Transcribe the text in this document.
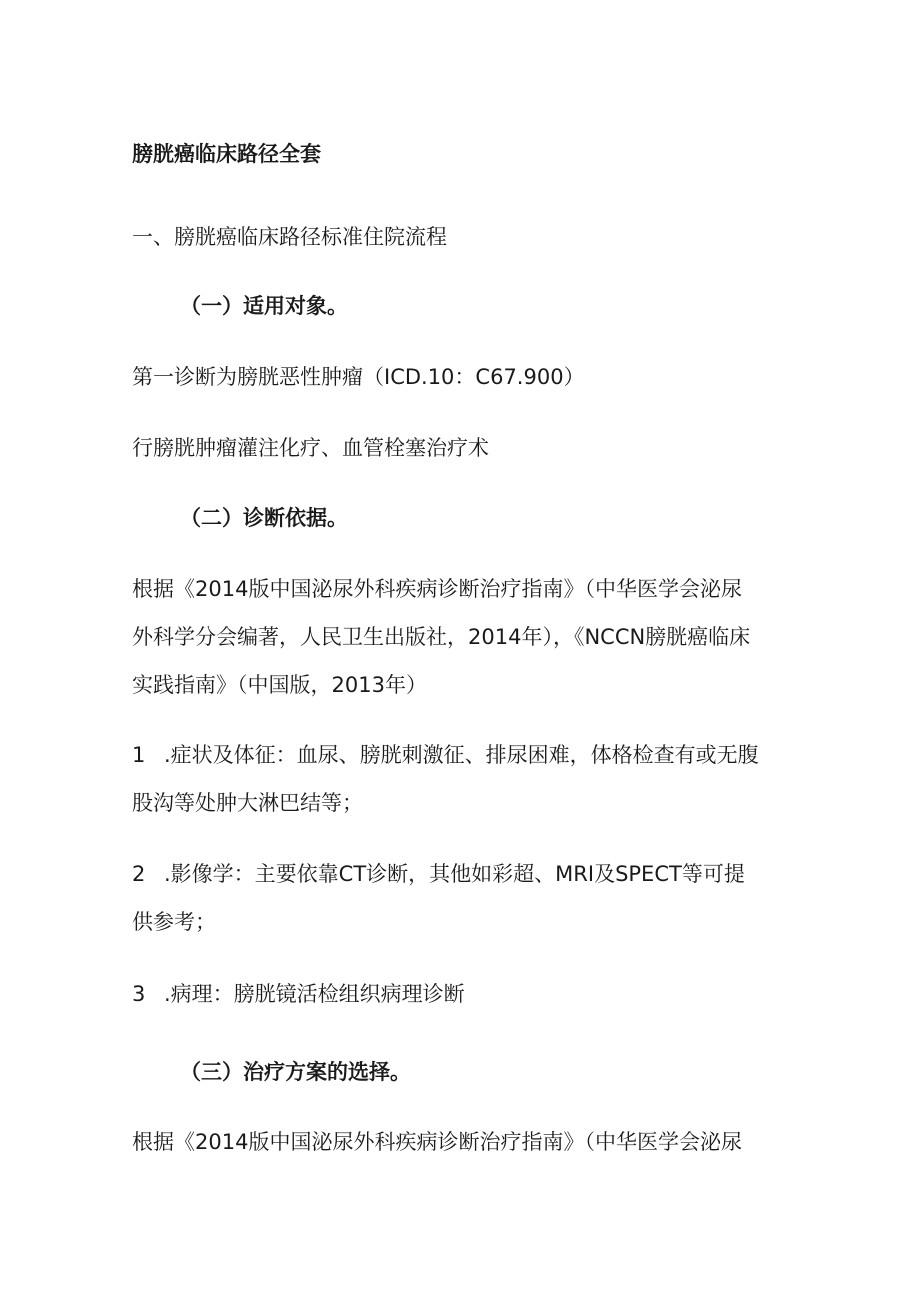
膀胱癌临床路径全套
一、膀胱癌临床路径标准住院流程
（一）适用对象。
第一诊断为膀胱恶性肿瘤（ICD.10：C67.900）
行膀胱肿瘤灌注化疗、血管栓塞治疗术
（二）诊断依据。
根据《2014版中国泌尿外科疾病诊断治疗指南》（中华医学会泌尿
外科学分会编著，人民卫生出版社，2014年），《NCCN膀胱癌临床
实践指南》（中国版，2013年）
1 .症状及体征：血尿、膀胱刺激征、排尿困难，体格检查有或无腹
股沟等处肿大淋巴结等；
2 .影像学：主要依靠CT诊断，其他如彩超、MRI及SPECT等可提
供参考；
3 .病理：膀胱镜活检组织病理诊断
（三）治疗方案的选择。
根据《2014版中国泌尿外科疾病诊断治疗指南》（中华医学会泌尿
